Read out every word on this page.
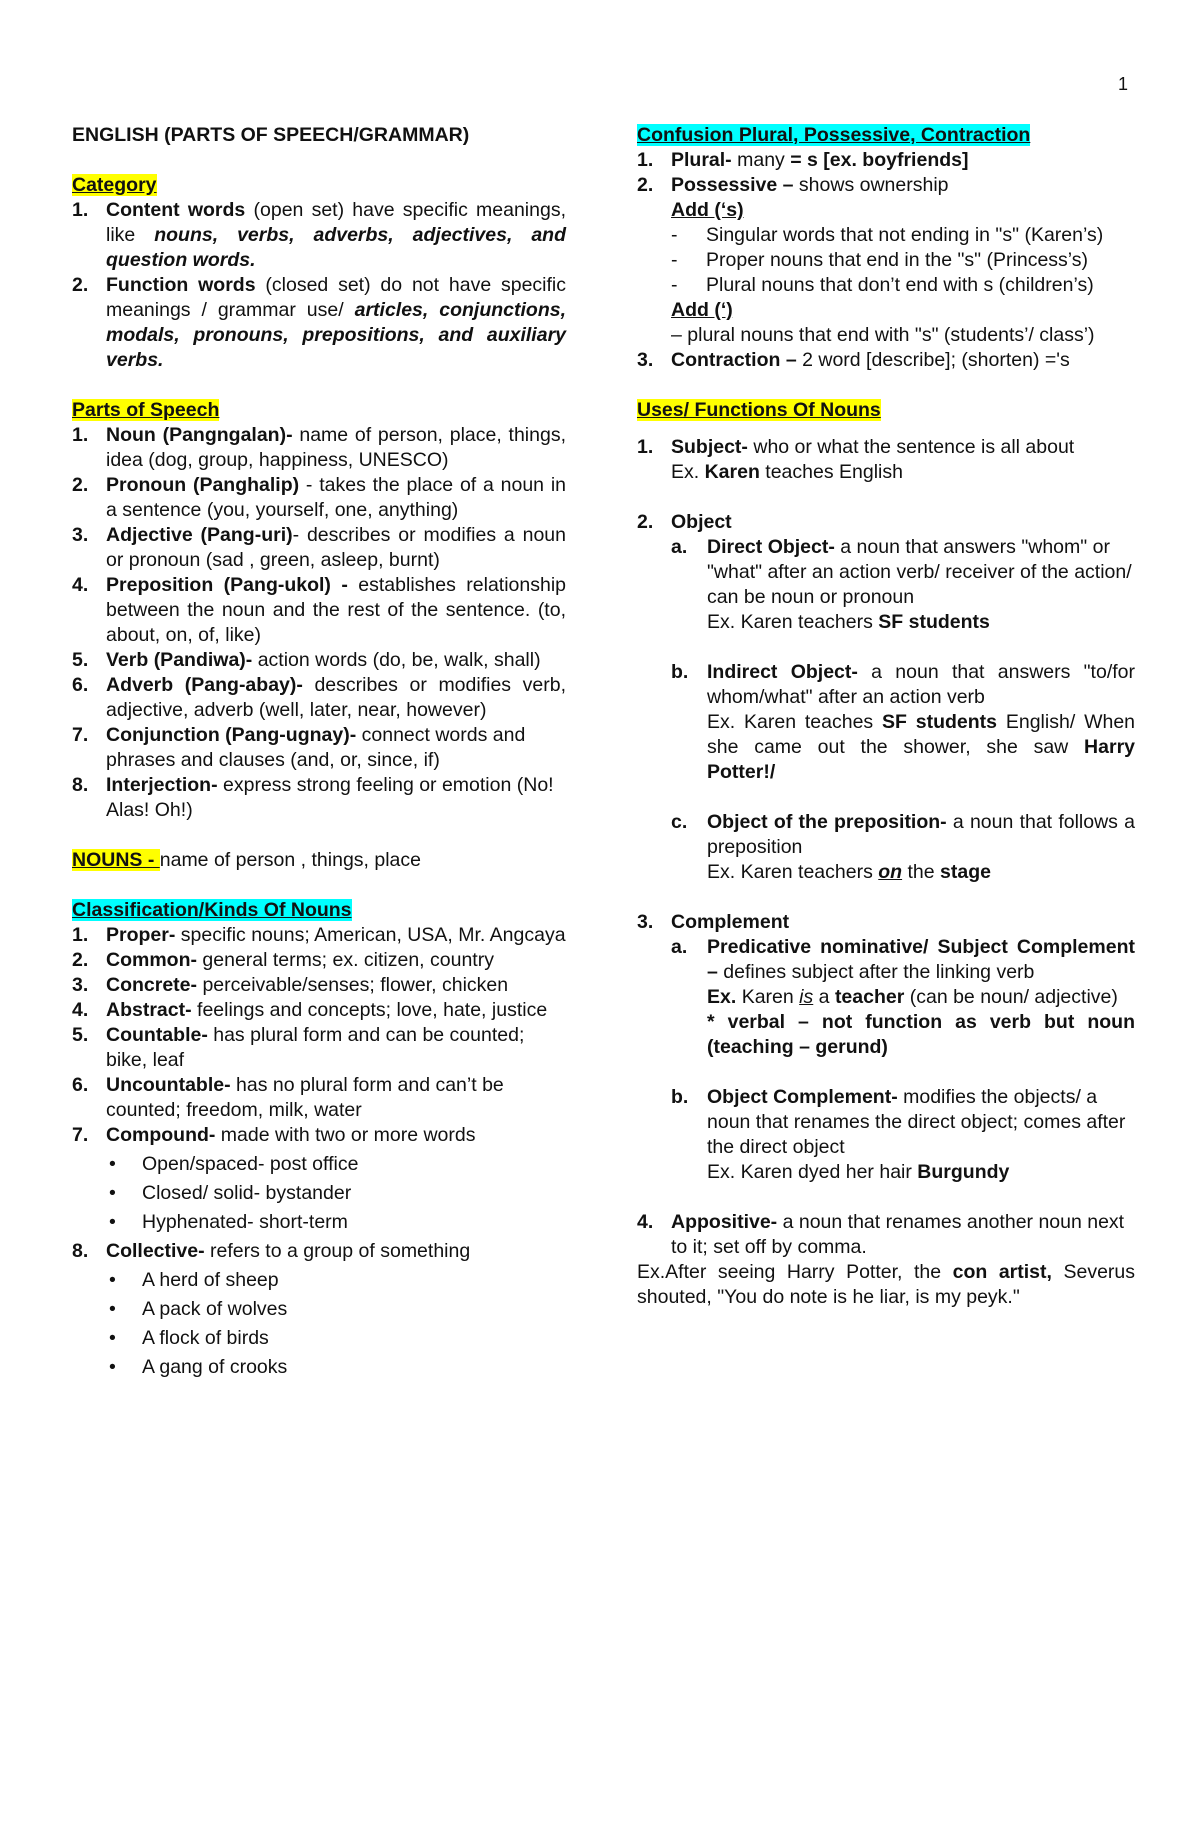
1

ENGLISH (PARTS OF SPEECH/GRAMMAR)

Category

1. Content words (open set) have specific meanings, like nouns, verbs, adverbs, adjectives, and question words.
2. Function words (closed set) do not have specific meanings / grammar use/ articles, conjunctions, modals, pronouns, prepositions, and auxiliary verbs.

Parts of Speech

1. Noun (Pangngalan)- name of person, place, things, idea (dog, group, happiness, UNESCO)
2. Pronoun (Panghalip) - takes the place of a noun in a sentence (you, yourself, one, anything)
3. Adjective (Pang-uri)- describes or modifies a noun or pronoun (sad , green, asleep, burnt)
4. Preposition (Pang-ukol) - establishes relationship between the noun and the rest of the sentence. (to, about, on, of, like)
5. Verb (Pandiwa)- action words (do, be, walk, shall)
6. Adverb (Pang-abay)- describes or modifies verb, adjective, adverb (well, later, near, however)
7. Conjunction (Pang-ugnay)- connect words and phrases and clauses (and, or, since, if)
8. Interjection- express strong feeling or emotion (No! Alas! Oh!)

NOUNS - name of person , things, place

Classification/Kinds Of Nouns

1. Proper- specific nouns; American, USA, Mr. Angcaya
2. Common- general terms; ex. citizen, country
3. Concrete- perceivable/senses; flower, chicken
4. Abstract- feelings and concepts; love, hate, justice
5. Countable- has plural form and can be counted; bike, leaf
6. Uncountable- has no plural form and can’t be counted; freedom, milk, water
7. Compound- made with two or more words
• Open/spaced- post office
• Closed/ solid- bystander
• Hyphenated- short-term
8. Collective- refers to a group of something
• A herd of sheep
• A pack of wolves
• A flock of birds
• A gang of crooks

Confusion Plural, Possessive, Contraction

1. Plural- many = s [ex. boyfriends]
2. Possessive – shows ownership

Add (‘s)

- Singular words that not ending in "s" (Karen’s)
- Proper nouns that end in the "s" (Princess’s)
- Plural nouns that don’t end with s (children’s)

Add (‘)

– plural nouns that end with "s" (students’/ class’)

3. Contraction – 2 word [describe]; (shorten) ='s

Uses/ Functions Of Nouns

1. Subject- who or what the sentence is all about

Ex. Karen teaches English

2. Object
a. Direct Object- a noun that answers "whom" or "what" after an action verb/ receiver of the action/ can be noun or pronoun

Ex. Karen teachers SF students

b. Indirect Object- a noun that answers "to/for whom/what" after an action verb

Ex. Karen teaches SF students English/ When she came out the shower, she saw Harry Potter!/

c. Object of the preposition- a noun that follows a preposition

Ex. Karen teachers on the stage

3. Complement
a. Predicative nominative/ Subject Complement – defines subject after the linking verb

Ex. Karen is a teacher (can be noun/ adjective)

* verbal – not function as verb but noun (teaching – gerund)

b. Object Complement- modifies the objects/ a noun that renames the direct object; comes after the direct object

Ex. Karen dyed her hair Burgundy

4. Appositive- a noun that renames another noun next to it; set off by comma.

Ex.After seeing Harry Potter, the con artist, Severus shouted, "You do note is he liar, is my peyk."
